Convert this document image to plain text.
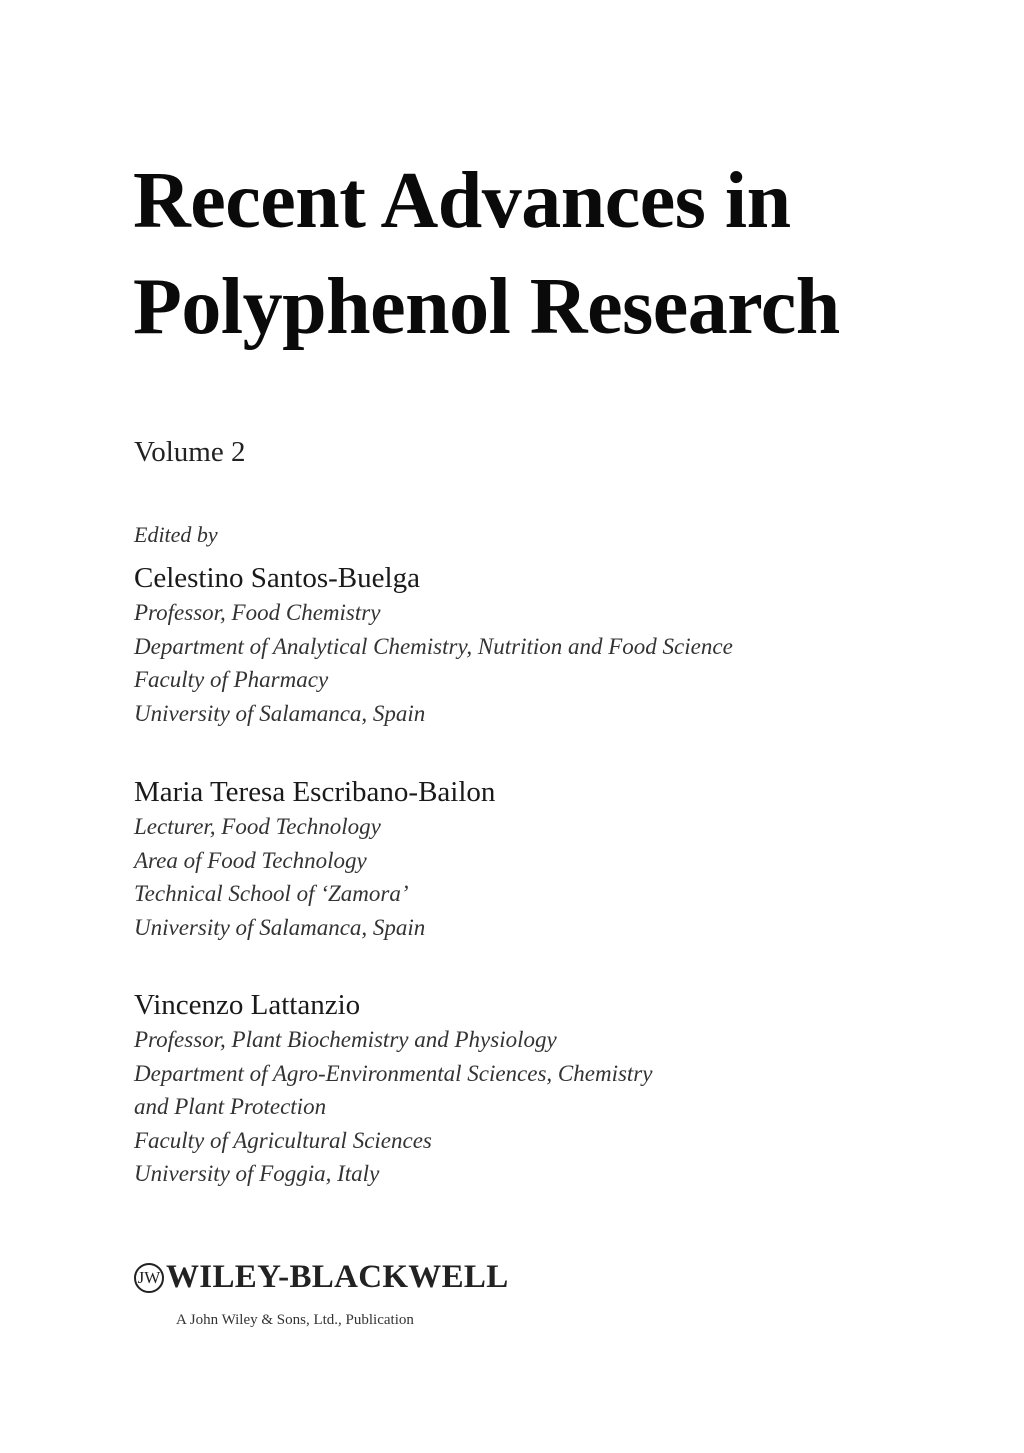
Recent Advances in
Polyphenol Research
Volume 2
Edited by
Celestino Santos-Buelga
Professor, Food Chemistry
Department of Analytical Chemistry, Nutrition and Food Science
Faculty of Pharmacy
University of Salamanca, Spain
Maria Teresa Escribano-Bailon
Lecturer, Food Technology
Area of Food Technology
Technical School of ‘Zamora’
University of Salamanca, Spain
Vincenzo Lattanzio
Professor, Plant Biochemistry and Physiology
Department of Agro-Environmental Sciences, Chemistry
and Plant Protection
Faculty of Agricultural Sciences
University of Foggia, Italy
JW WILEY-BLACKWELL
A John Wiley & Sons, Ltd., Publication
